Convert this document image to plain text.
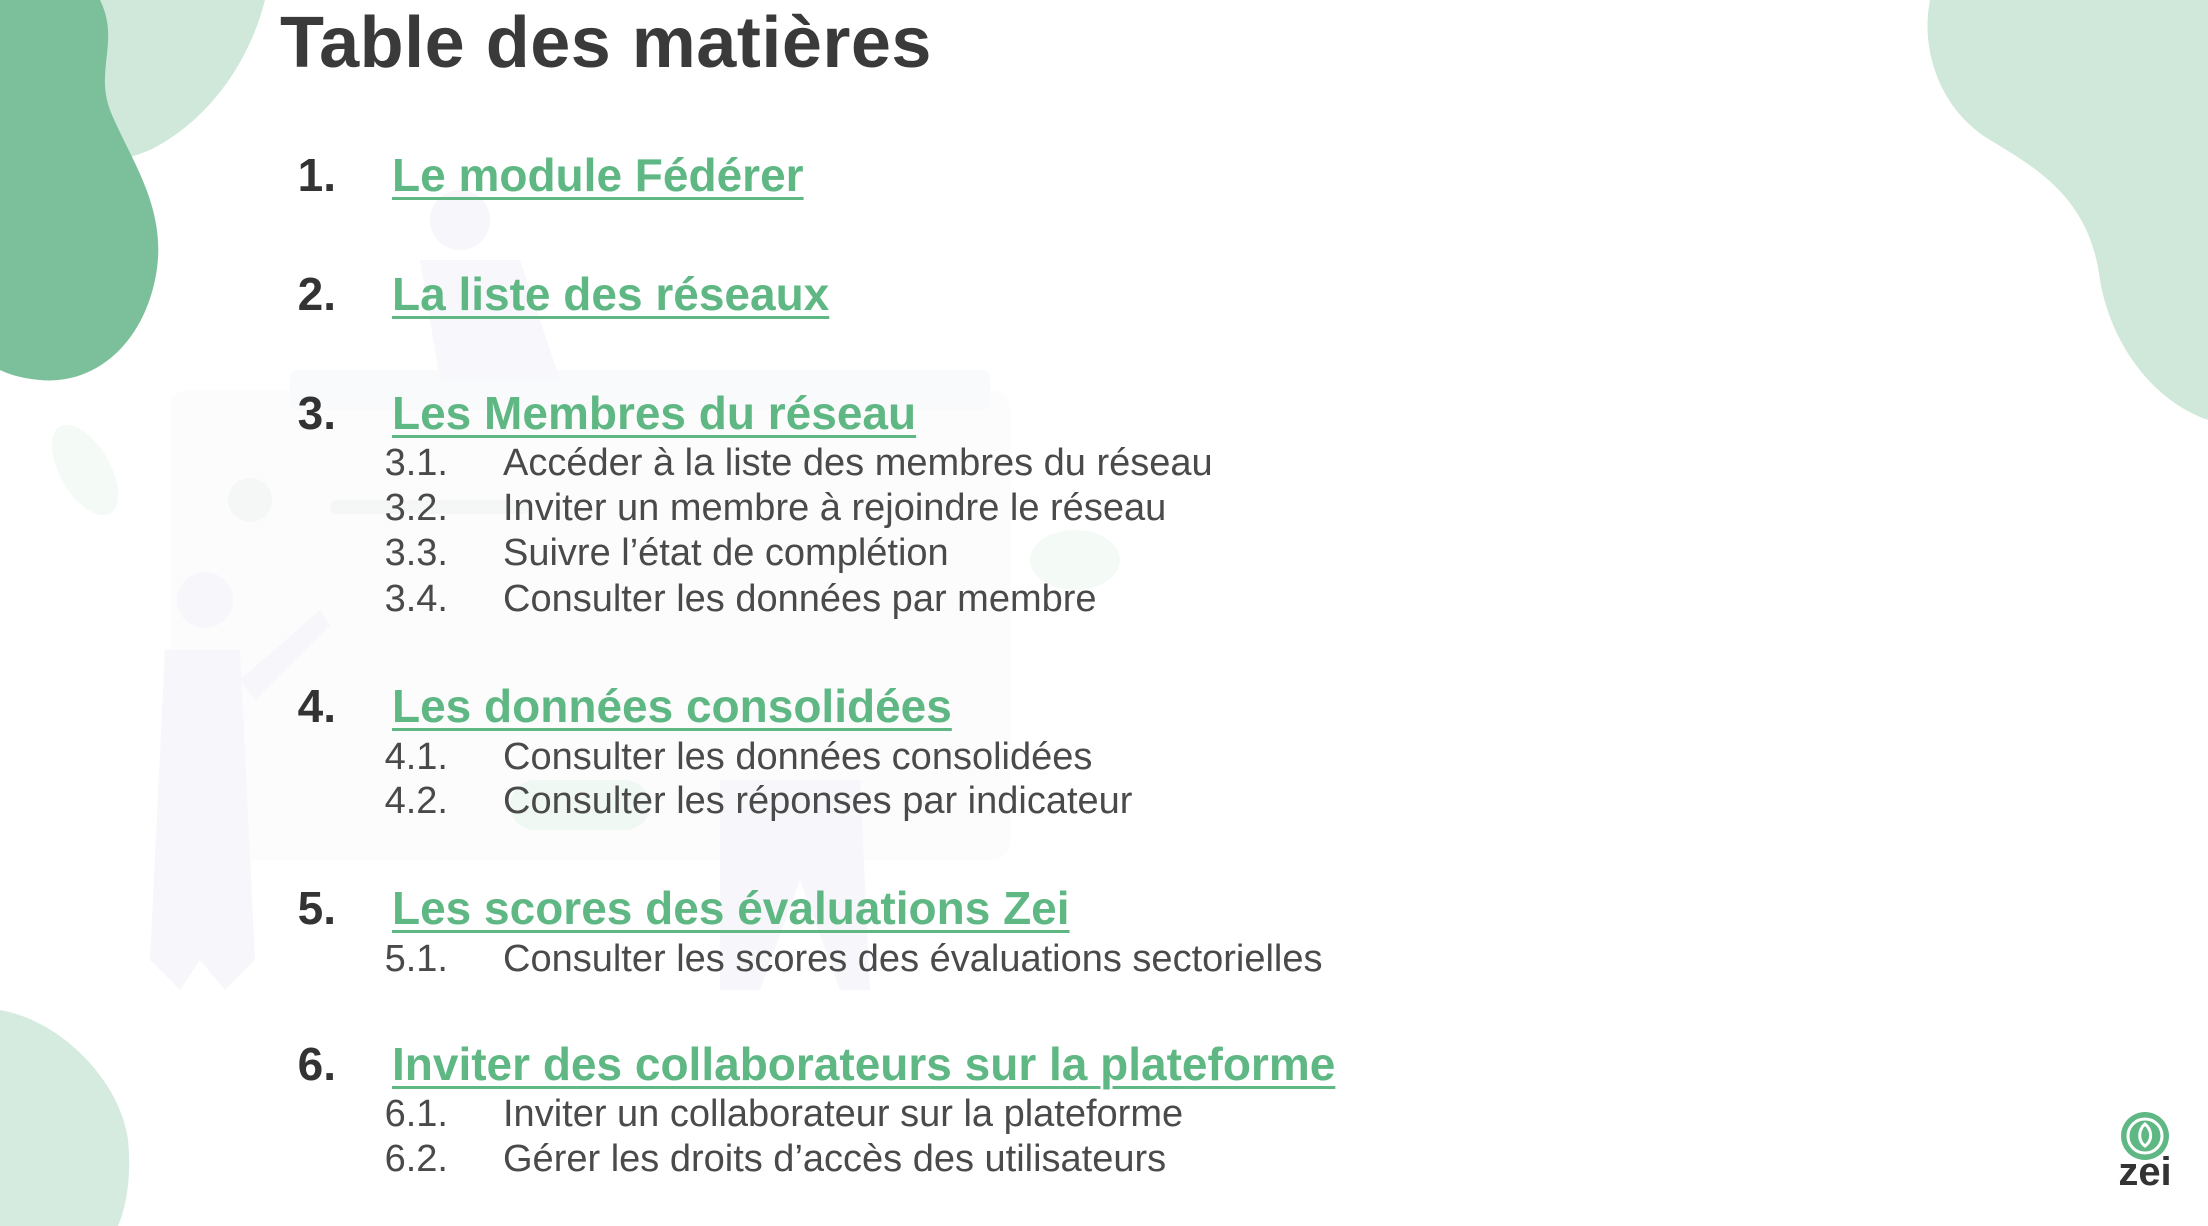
Table des matières
1. Le module Fédérer
2. La liste des réseaux
3. Les Membres du réseau
3.1. Accéder à la liste des membres du réseau
3.2. Inviter un membre à rejoindre le réseau
3.3. Suivre l’état de complétion
3.4. Consulter les données par membre
4. Les données consolidées
4.1. Consulter les données consolidées
4.2. Consulter les réponses par indicateur
5. Les scores des évaluations Zei
5.1. Consulter les scores des évaluations sectorielles
6. Inviter des collaborateurs sur la plateforme
6.1. Inviter un collaborateur sur la plateforme
6.2. Gérer les droits d’accès des utilisateurs	zei
